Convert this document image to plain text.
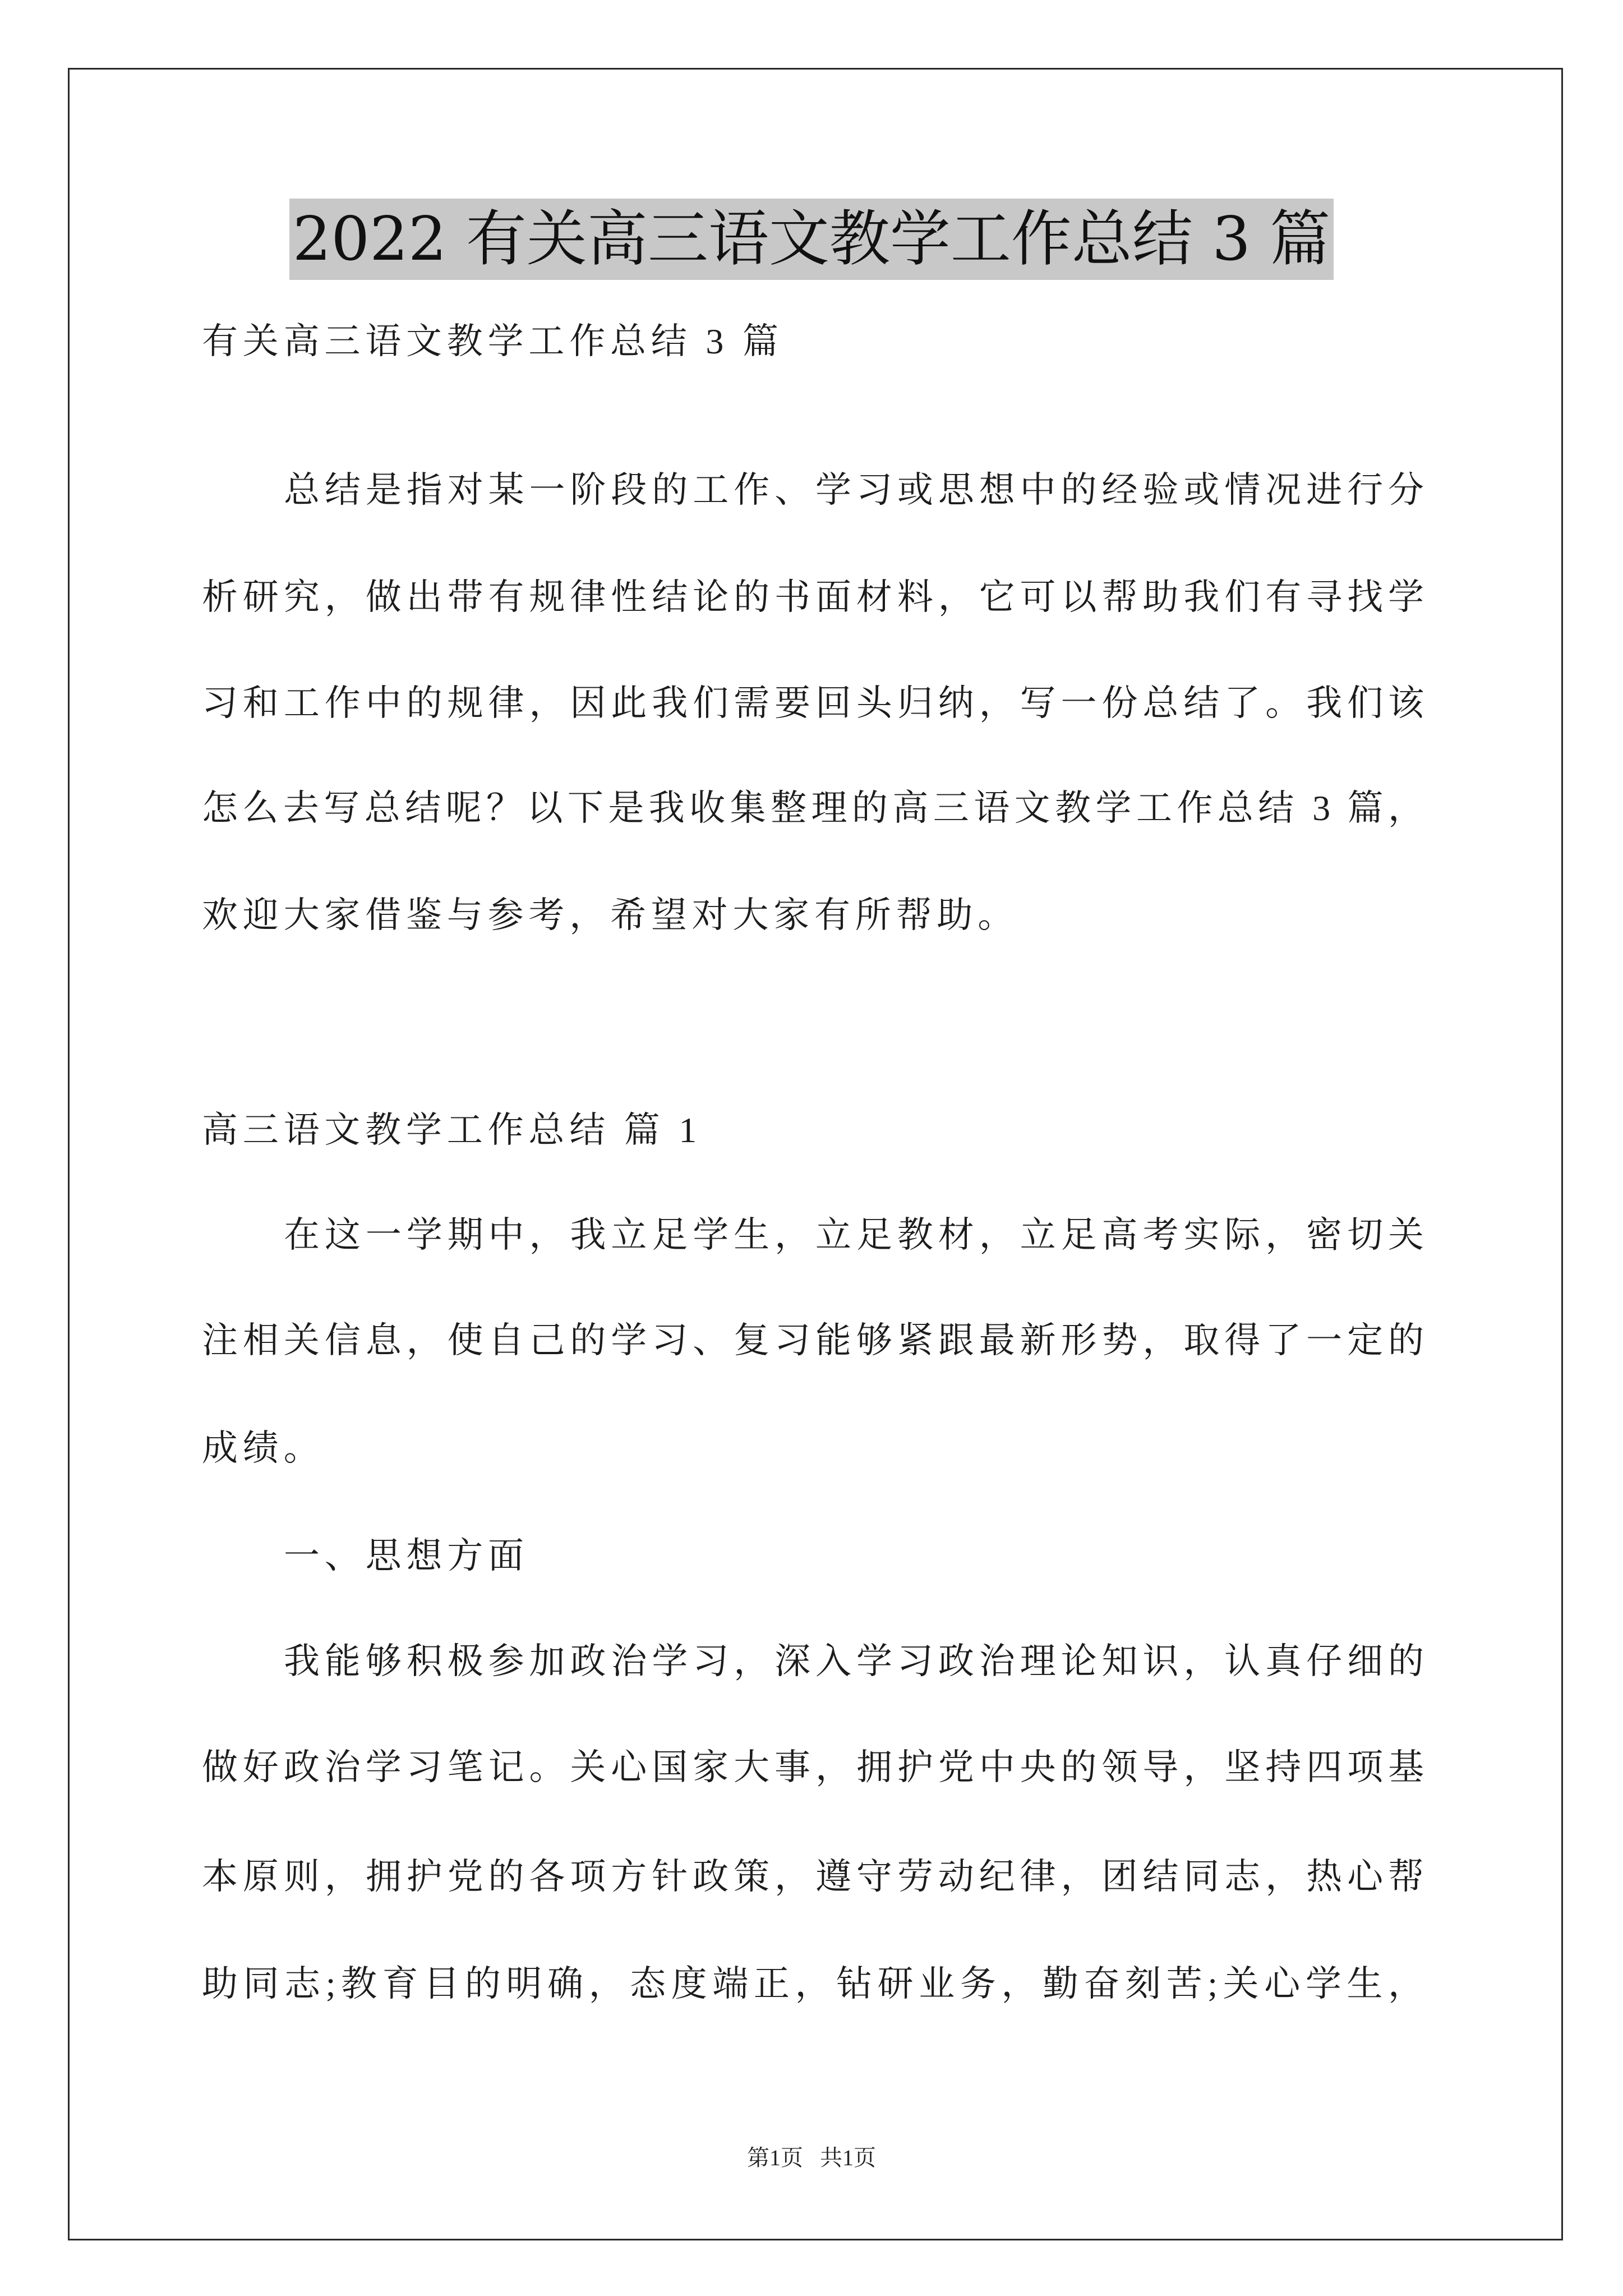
2022 有关高三语文教学工作总结 3 篇
有关高三语文教学工作总结 3 篇
总结是指对某一阶段的工作、学习或思想中的经验或情况进行分
析研究，做出带有规律性结论的书面材料，它可以帮助我们有寻找学
习和工作中的规律，因此我们需要回头归纳，写一份总结了。我们该
怎么去写总结呢？以下是我收集整理的高三语文教学工作总结 3 篇，
欢迎大家借鉴与参考，希望对大家有所帮助。
高三语文教学工作总结 篇 1
在这一学期中，我立足学生，立足教材，立足高考实际，密切关
注相关信息，使自己的学习、复习能够紧跟最新形势，取得了一定的
成绩。
一、思想方面
我能够积极参加政治学习，深入学习政治理论知识，认真仔细的
做好政治学习笔记。关心国家大事，拥护党中央的领导，坚持四项基
本原则，拥护党的各项方针政策，遵守劳动纪律，团结同志，热心帮
助同志;教育目的明确，态度端正，钻研业务，勤奋刻苦;关心学生，
第1页   共1页
